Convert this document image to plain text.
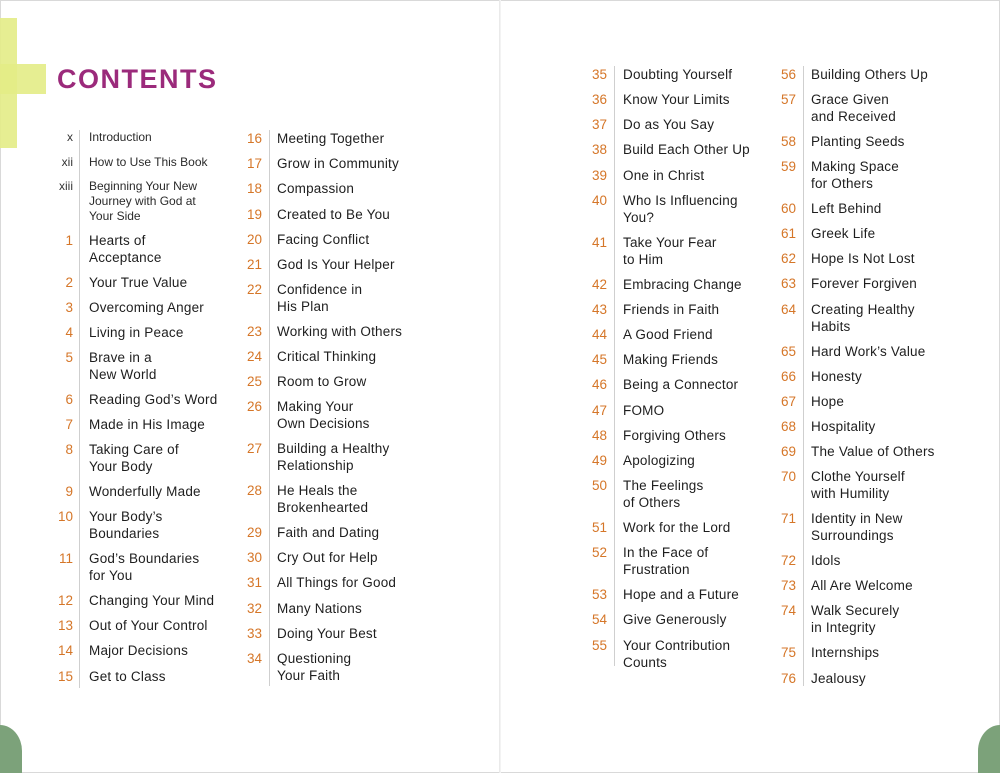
CONTENTS
x Introduction
xii How to Use This Book
xiii Beginning Your New
Journey with God at
Your Side
1 Hearts of
Acceptance
2 Your True Value
3 Overcoming Anger
4 Living in Peace
5 Brave in a
New World
6 Reading God’s Word
7 Made in His Image
8 Taking Care of
Your Body
9 Wonderfully Made
10 Your Body’s
Boundaries
11 God’s Boundaries
for You
12 Changing Your Mind
13 Out of Your Control
14 Major Decisions
15 Get to Class
16 Meeting Together
17 Grow in Community
18 Compassion
19 Created to Be You
20 Facing Conflict
21 God Is Your Helper
22 Confidence in
His Plan
23 Working with Others
24 Critical Thinking
25 Room to Grow
26 Making Your
Own Decisions
27 Building a Healthy
Relationship
28 He Heals the
Brokenhearted
29 Faith and Dating
30 Cry Out for Help
31 All Things for Good
32 Many Nations
33 Doing Your Best
34 Questioning
Your Faith
35 Doubting Yourself
36 Know Your Limits
37 Do as You Say
38 Build Each Other Up
39 One in Christ
40 Who Is Influencing
You?
41 Take Your Fear
to Him
42 Embracing Change
43 Friends in Faith
44 A Good Friend
45 Making Friends
46 Being a Connector
47 FOMO
48 Forgiving Others
49 Apologizing
50 The Feelings
of Others
51 Work for the Lord
52 In the Face of
Frustration
53 Hope and a Future
54 Give Generously
55 Your Contribution
Counts
56 Building Others Up
57 Grace Given
and Received
58 Planting Seeds
59 Making Space
for Others
60 Left Behind
61 Greek Life
62 Hope Is Not Lost
63 Forever Forgiven
64 Creating Healthy
Habits
65 Hard Work’s Value
66 Honesty
67 Hope
68 Hospitality
69 The Value of Others
70 Clothe Yourself
with Humility
71 Identity in New
Surroundings
72 Idols
73 All Are Welcome
74 Walk Securely
in Integrity
75 Internships
76 Jealousy
